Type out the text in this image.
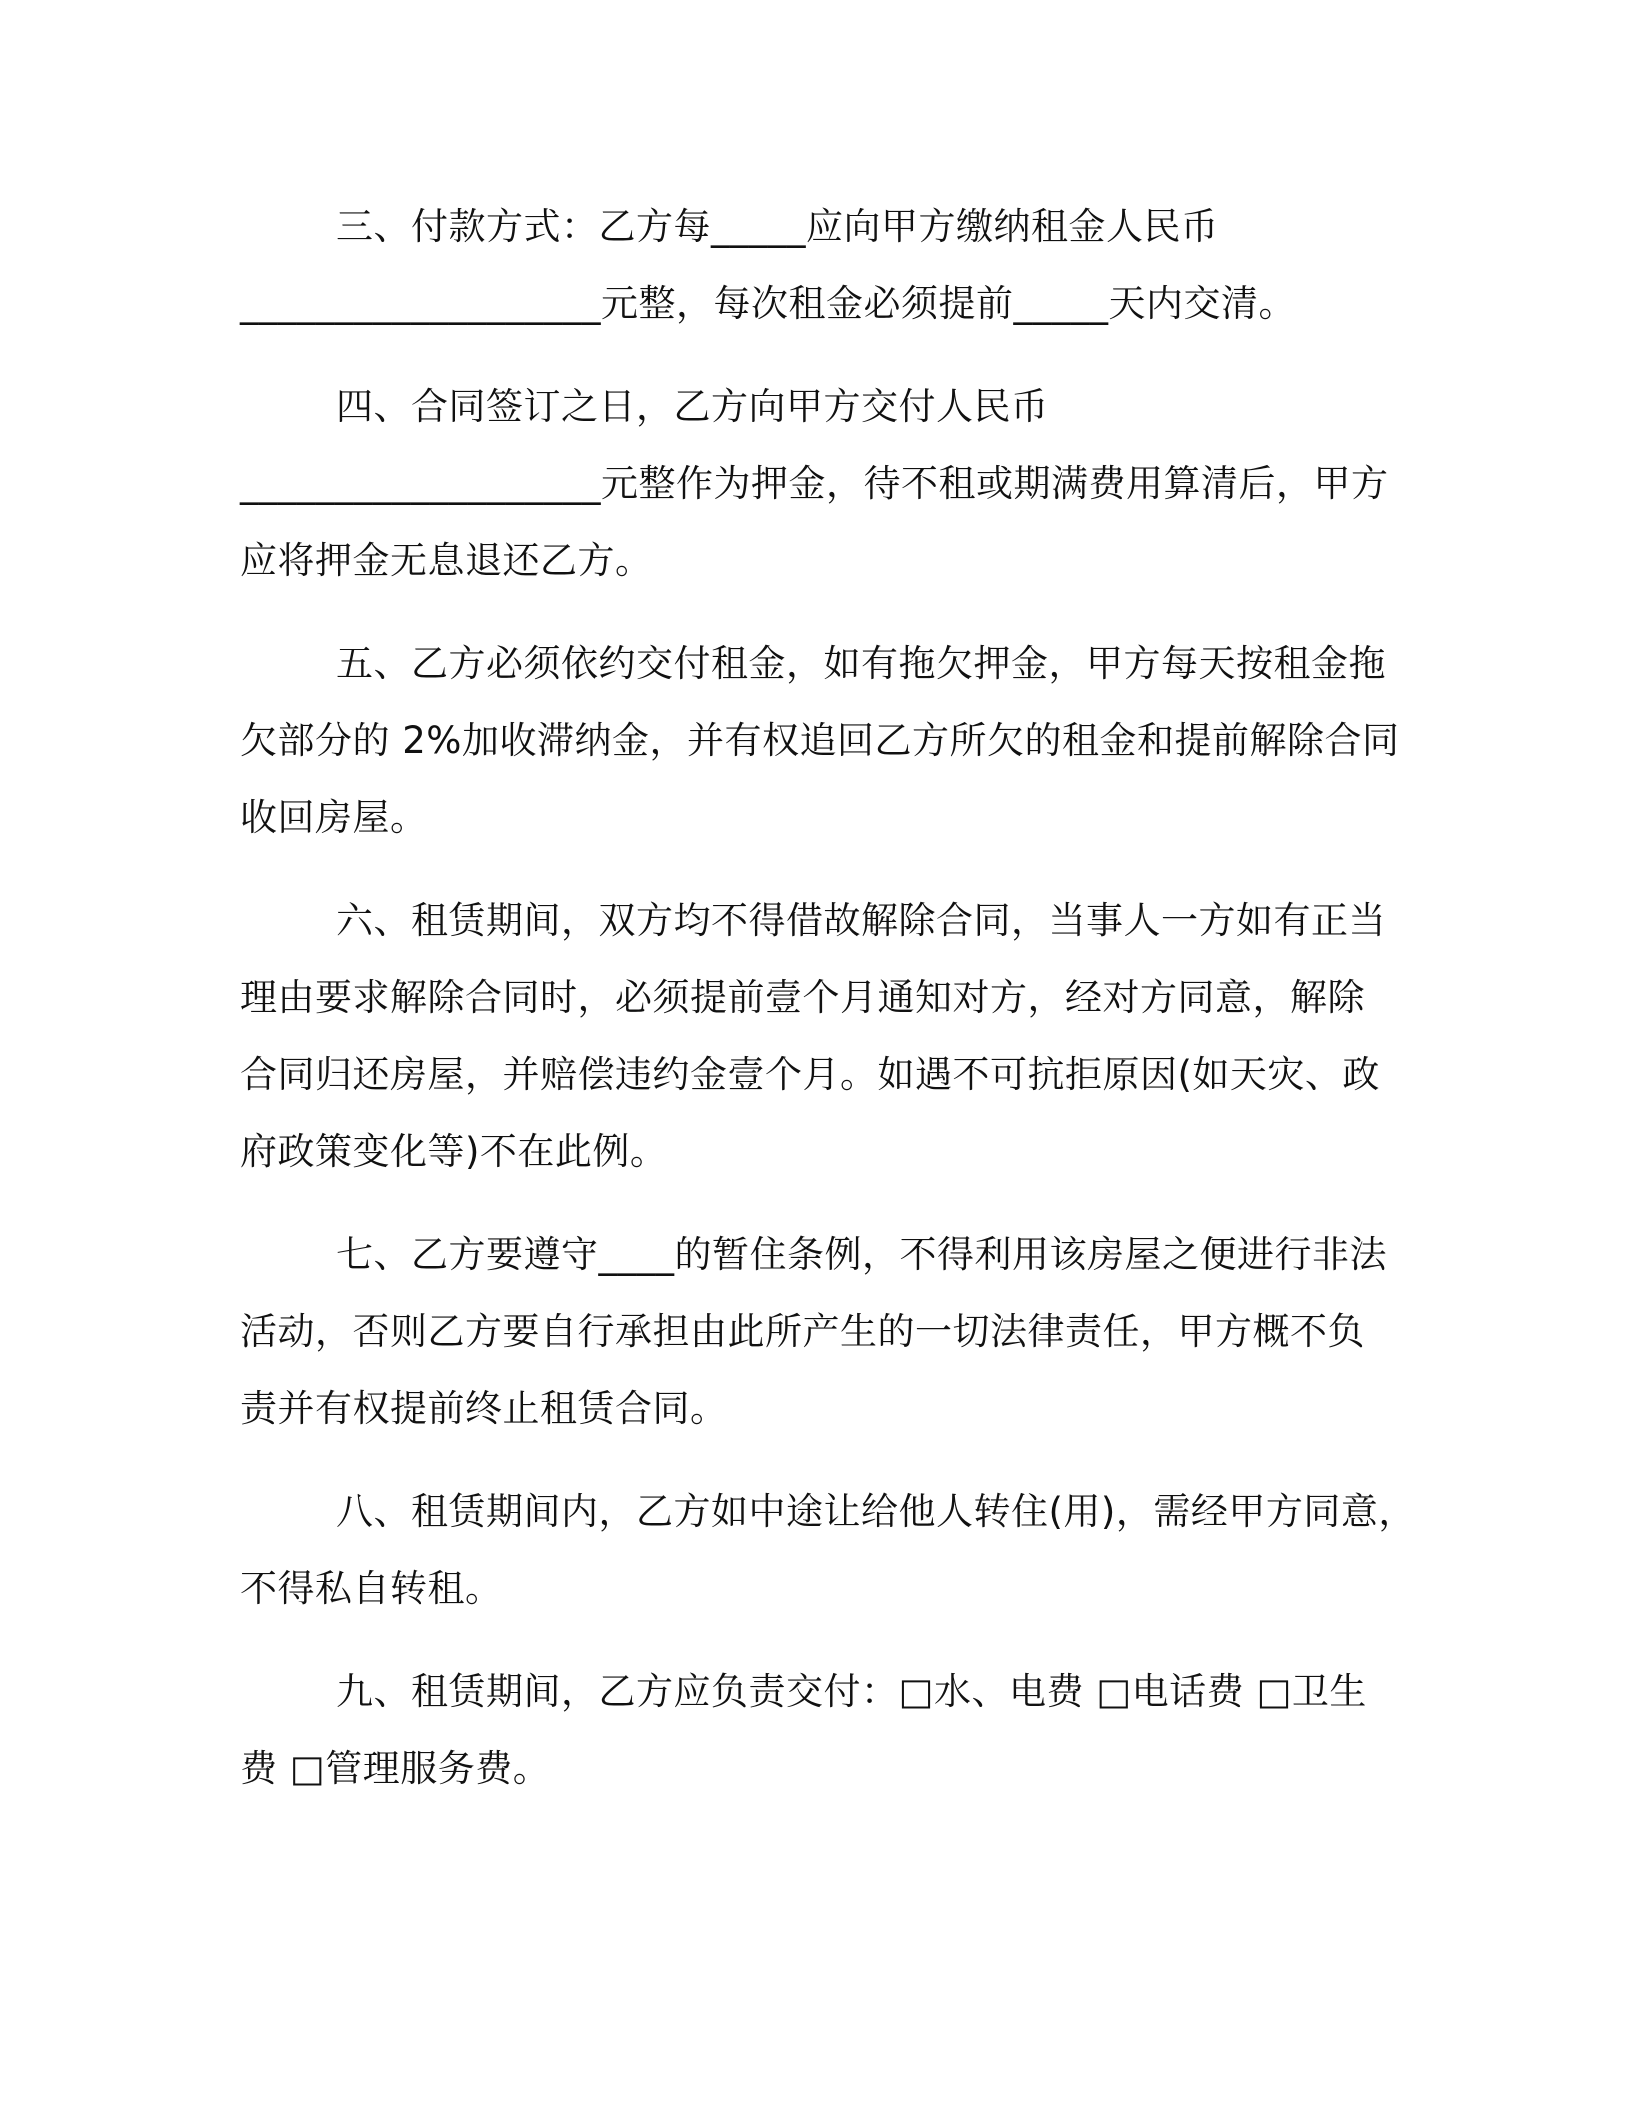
三、付款方式：乙方每_____应向甲方缴纳租金人民币
___________________元整，每次租金必须提前_____天内交清。

四、合同签订之日，乙方向甲方交付人民币
___________________元整作为押金，待不租或期满费用算清后，甲方
应将押金无息退还乙方。

五、乙方必须依约交付租金，如有拖欠押金，甲方每天按租金拖
欠部分的 2%加收滞纳金，并有权追回乙方所欠的租金和提前解除合同
收回房屋。

六、租赁期间，双方均不得借故解除合同，当事人一方如有正当
理由要求解除合同时，必须提前壹个月通知对方，经对方同意，解除
合同归还房屋，并赔偿违约金壹个月。如遇不可抗拒原因(如天灾、政
府政策变化等)不在此例。

七、乙方要遵守____的暂住条例，不得利用该房屋之便进行非法
活动，否则乙方要自行承担由此所产生的一切法律责任，甲方概不负
责并有权提前终止租赁合同。

八、租赁期间内，乙方如中途让给他人转住(用)，需经甲方同意，
不得私自转租。

九、租赁期间，乙方应负责交付：□水、电费 □电话费 □卫生
费 □管理服务费。
